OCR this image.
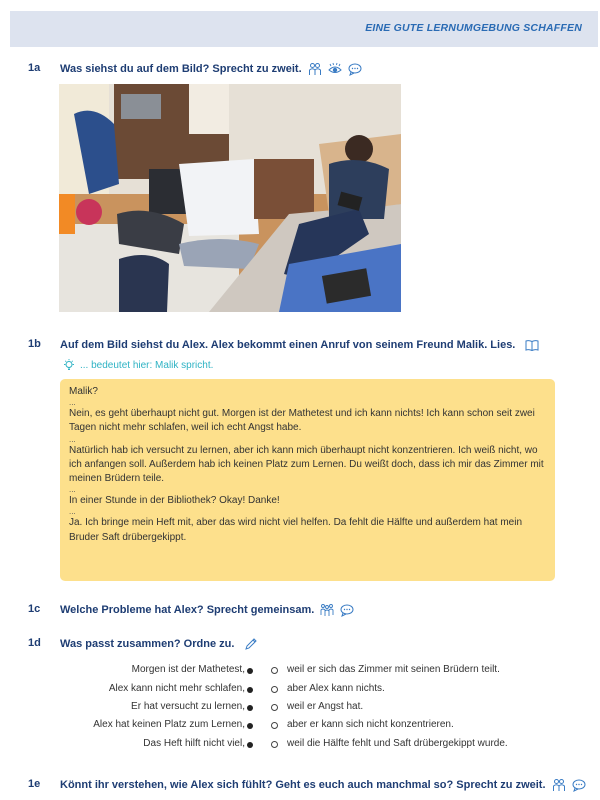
EINE GUTE LERNUMGEBUNG SCHAFFEN
1a Was siehst du auf dem Bild? Sprecht zu zweit.
1b Auf dem Bild siehst du Alex. Alex bekommt einen Anruf von seinem Freund Malik. Lies.
... bedeutet hier: Malik spricht.
Malik?
...
Nein, es geht überhaupt nicht gut. Morgen ist der Mathetest und ich kann nichts! Ich kann schon seit zwei Tagen nicht mehr schlafen, weil ich echt Angst habe.
...
Natürlich hab ich versucht zu lernen, aber ich kann mich überhaupt nicht konzentrieren. Ich weiß nicht, wo ich anfangen soll. Außerdem hab ich keinen Platz zum Lernen. Du weißt doch, dass ich mir das Zimmer mit meinen Brüdern teile.
...
In einer Stunde in der Bibliothek? Okay! Danke!
...
Ja. Ich bringe mein Heft mit, aber das wird nicht viel helfen. Da fehlt die Hälfte und außerdem hat mein Bruder Saft drübergekippt.
1c Welche Probleme hat Alex? Sprecht gemeinsam.
1d Was passt zusammen? Ordne zu.
Morgen ist der Mathetest,	weil er sich das Zimmer mit seinen Brüdern teilt.
Alex kann nicht mehr schlafen,	aber Alex kann nichts.
Er hat versucht zu lernen,	weil er Angst hat.
Alex hat keinen Platz zum Lernen,	aber er kann sich nicht konzentrieren.
Das Heft hilft nicht viel,	weil die Hälfte fehlt und Saft drübergekippt wurde.
1e Könnt ihr verstehen, wie Alex sich fühlt? Geht es euch auch manchmal so? Sprecht zu zweit.
